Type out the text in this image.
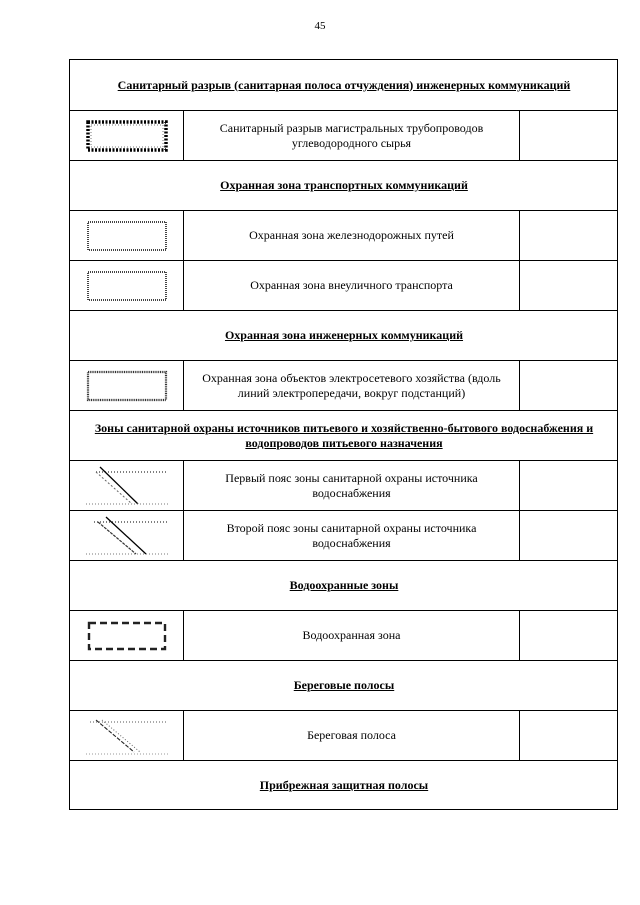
45
Санитарный разрыв (санитарная полоса отчуждения) инженерных коммуникаций
Санитарный разрыв магистральных трубопроводов углеводородного сырья
Охранная зона транспортных коммуникаций
Охранная зона железнодорожных путей
Охранная зона внеуличного транспорта
Охранная зона инженерных коммуникаций
Охранная зона объектов электросетевого хозяйства (вдоль линий электропередачи, вокруг подстанций)
Зоны санитарной охраны источников питьевого и хозяйственно-бытового водоснабжения и водопроводов питьевого назначения
Первый пояс зоны санитарной охраны источника водоснабжения
Второй пояс зоны санитарной охраны источника водоснабжения
Водоохранные зоны
Водоохранная зона
Береговые полосы
Береговая полоса
Прибрежная защитная полосы
